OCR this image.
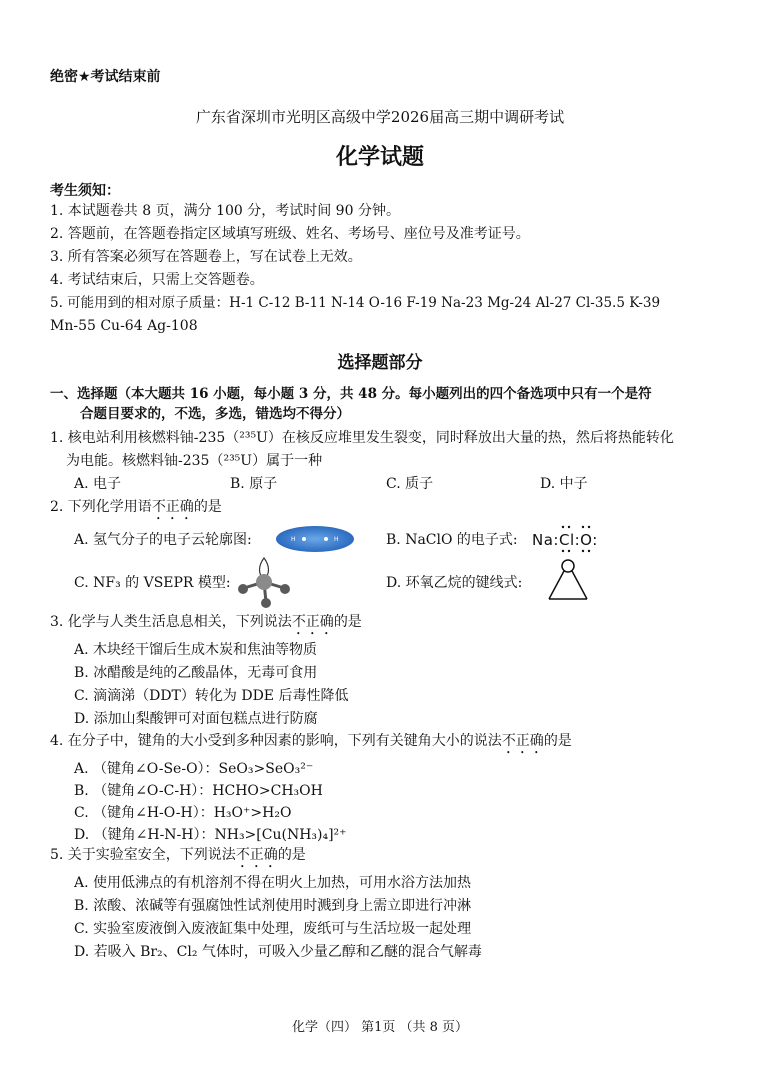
绝密★考试结束前
广东省深圳市光明区高级中学2026届高三期中调研考试
化学试题
考生须知：
1. 本试题卷共 8 页，满分 100 分，考试时间 90 分钟。
2. 答题前，在答题卷指定区域填写班级、姓名、考场号、座位号及准考证号。
3. 所有答案必须写在答题卷上，写在试卷上无效。
4. 考试结束后，只需上交答题卷。
5. 可能用到的相对原子质量：H-1 C-12 B-11 N-14 O-16 F-19 Na-23 Mg-24 Al-27 Cl-35.5 K-39
Mn-55 Cu-64 Ag-108
选择题部分
一、选择题（本大题共 16 小题，每小题 3 分，共 48 分。每小题列出的四个备选项中只有一个是符
合题目要求的，不选，多选，错选均不得分）
1. 核电站利用核燃料铀-235（²³⁵U）在核反应堆里发生裂变，同时释放出大量的热，然后将热能转化
为电能。核燃料铀-235（²³⁵U）属于一种
A. 电子	B. 原子	C. 质子	D. 中子
2. 下列化学用语不正确的是
A. 氢气分子的电子云轮廓图:	H	H	B. NaClO 的电子式: Na:Cl:O:
C. NF₃ 的 VSEPR 模型:	D. 环氧乙烷的键线式:
3. 化学与人类生活息息相关，下列说法不正确的是
A. 木块经干馏后生成木炭和焦油等物质
B. 冰醋酸是纯的乙酸晶体，无毒可食用
C. 滴滴涕（DDT）转化为 DDE 后毒性降低
D. 添加山梨酸钾可对面包糕点进行防腐
4. 在分子中，键角的大小受到多种因素的影响，下列有关键角大小的说法不正确的是
A. （键角∠O-Se-O）：SeO₃>SeO₃²⁻
B. （键角∠O-C-H）：HCHO>CH₃OH
C. （键角∠H-O-H）：H₃O⁺>H₂O
D. （键角∠H-N-H）：NH₃>[Cu(NH₃)₄]²⁺
5. 关于实验室安全，下列说法不正确的是
A. 使用低沸点的有机溶剂不得在明火上加热，可用水浴方法加热
B. 浓酸、浓碱等有强腐蚀性试剂使用时溅到身上需立即进行冲淋
C. 实验室废液倒入废液缸集中处理，废纸可与生活垃圾一起处理
D. 若吸入 Br₂、Cl₂ 气体时，可吸入少量乙醇和乙醚的混合气解毒
化学（四） 第1页 （共 8 页）
